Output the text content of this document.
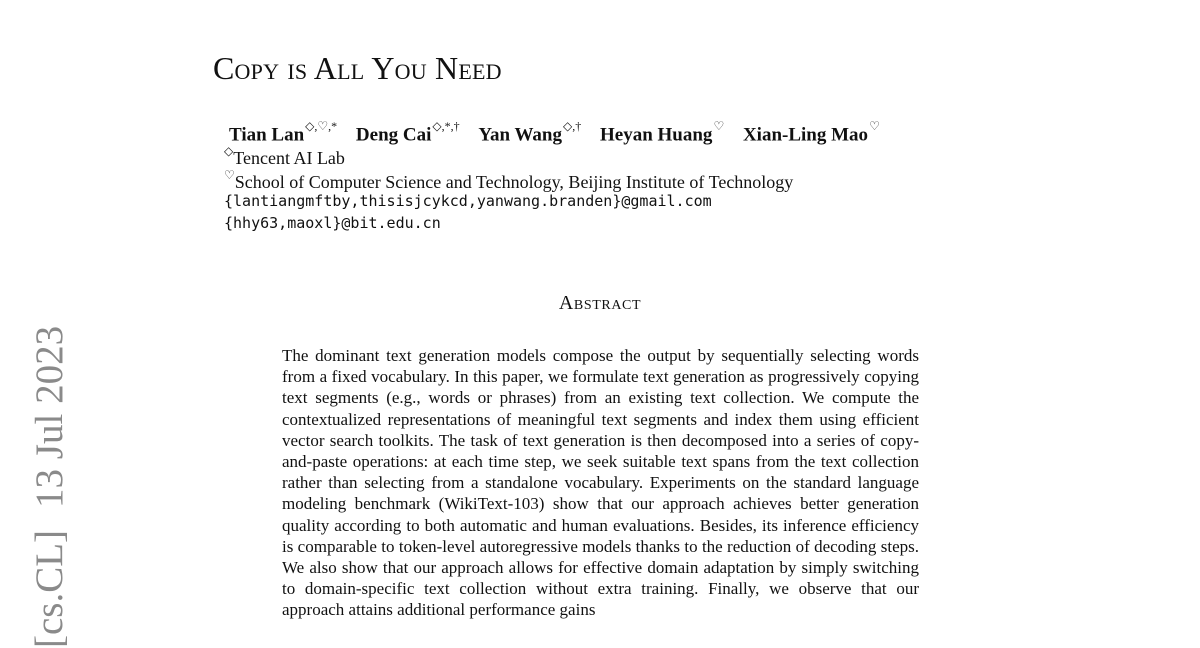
Copy is All You Need
Tian Lan◇,♡,* Deng Cai◇,*,† Yan Wang◇,† Heyan Huang♡ Xian-Ling Mao♡
◇Tencent AI Lab
♡School of Computer Science and Technology, Beijing Institute of Technology
{lantiangmftby,thisisjcykcd,yanwang.branden}@gmail.com
{hhy63,maoxl}@bit.edu.cn
Abstract
The dominant text generation models compose the output by sequentially selecting words from a fixed vocabulary. In this paper, we formulate text generation as progressively copying text segments (e.g., words or phrases) from an existing text collection. We compute the contextualized representations of meaningful text segments and index them using efficient vector search toolkits. The task of text generation is then decomposed into a series of copy-and-paste operations: at each time step, we seek suitable text spans from the text collection rather than selecting from a standalone vocabulary. Experiments on the standard language modeling benchmark (WikiText-103) show that our approach achieves better generation quality according to both automatic and human evaluations. Besides, its inference efficiency is comparable to token-level autoregressive models thanks to the reduction of decoding steps. We also show that our approach allows for effective domain adaptation by simply switching to domain-specific text collection without extra training. Finally, we observe that our approach attains additional performance gains
[cs.CL]13 Jul 2023
